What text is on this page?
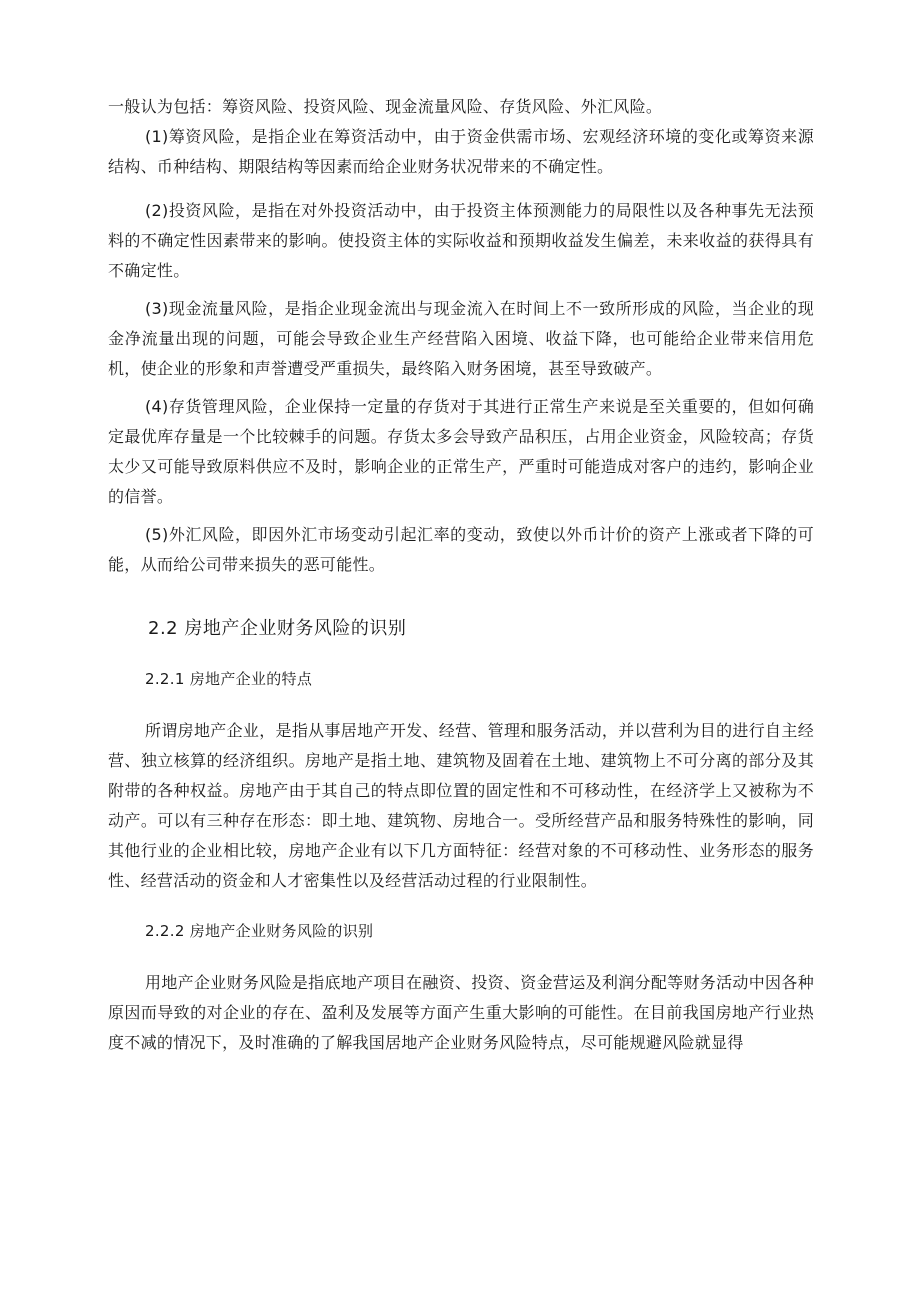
一般认为包括：筹资风险、投资风险、现金流量风险、存货风险、外汇风险。

(1)筹资风险，是指企业在筹资活动中，由于资金供需市场、宏观经济环境的变化或筹资来源结构、币种结构、期限结构等因素而给企业财务状况带来的不确定性。

(2)投资风险，是指在对外投资活动中，由于投资主体预测能力的局限性以及各种事先无法预料的不确定性因素带来的影响。使投资主体的实际收益和预期收益发生偏差，未来收益的获得具有不确定性。

(3)现金流量风险，是指企业现金流出与现金流入在时间上不一致所形成的风险，当企业的现金净流量出现的问题，可能会导致企业生产经营陷入困境、收益下降，也可能给企业带来信用危机，使企业的形象和声誉遭受严重损失，最终陷入财务困境，甚至导致破产。

(4)存货管理风险，企业保持一定量的存货对于其进行正常生产来说是至关重要的，但如何确定最优库存量是一个比较棘手的问题。存货太多会导致产品积压，占用企业资金，风险较高；存货太少又可能导致原料供应不及时，影响企业的正常生产，严重时可能造成对客户的违约，影响企业的信誉。

(5)外汇风险，即因外汇市场变动引起汇率的变动，致使以外币计价的资产上涨或者下降的可能，从而给公司带来损失的恶可能性。

2.2 房地产企业财务风险的识别
2.2.1 房地产企业的特点

所谓房地产企业，是指从事居地产开发、经营、管理和服务活动，并以营利为目的进行自主经营、独立核算的经济组织。房地产是指土地、建筑物及固着在土地、建筑物上不可分离的部分及其附带的各种权益。房地产由于其自己的特点即位置的固定性和不可移动性，在经济学上又被称为不动产。可以有三种存在形态：即土地、建筑物、房地合一。受所经营产品和服务特殊性的影响，同其他行业的企业相比较，房地产企业有以下几方面特征：经营对象的不可移动性、业务形态的服务性、经营活动的资金和人才密集性以及经营活动过程的行业限制性。

2.2.2 房地产企业财务风险的识别

用地产企业财务风险是指底地产项目在融资、投资、资金营运及利润分配等财务活动中因各种原因而导致的对企业的存在、盈利及发展等方面产生重大影响的可能性。在目前我国房地产行业热度不减的情况下，及时准确的了解我国居地产企业财务风险特点，尽可能规避风险就显得
